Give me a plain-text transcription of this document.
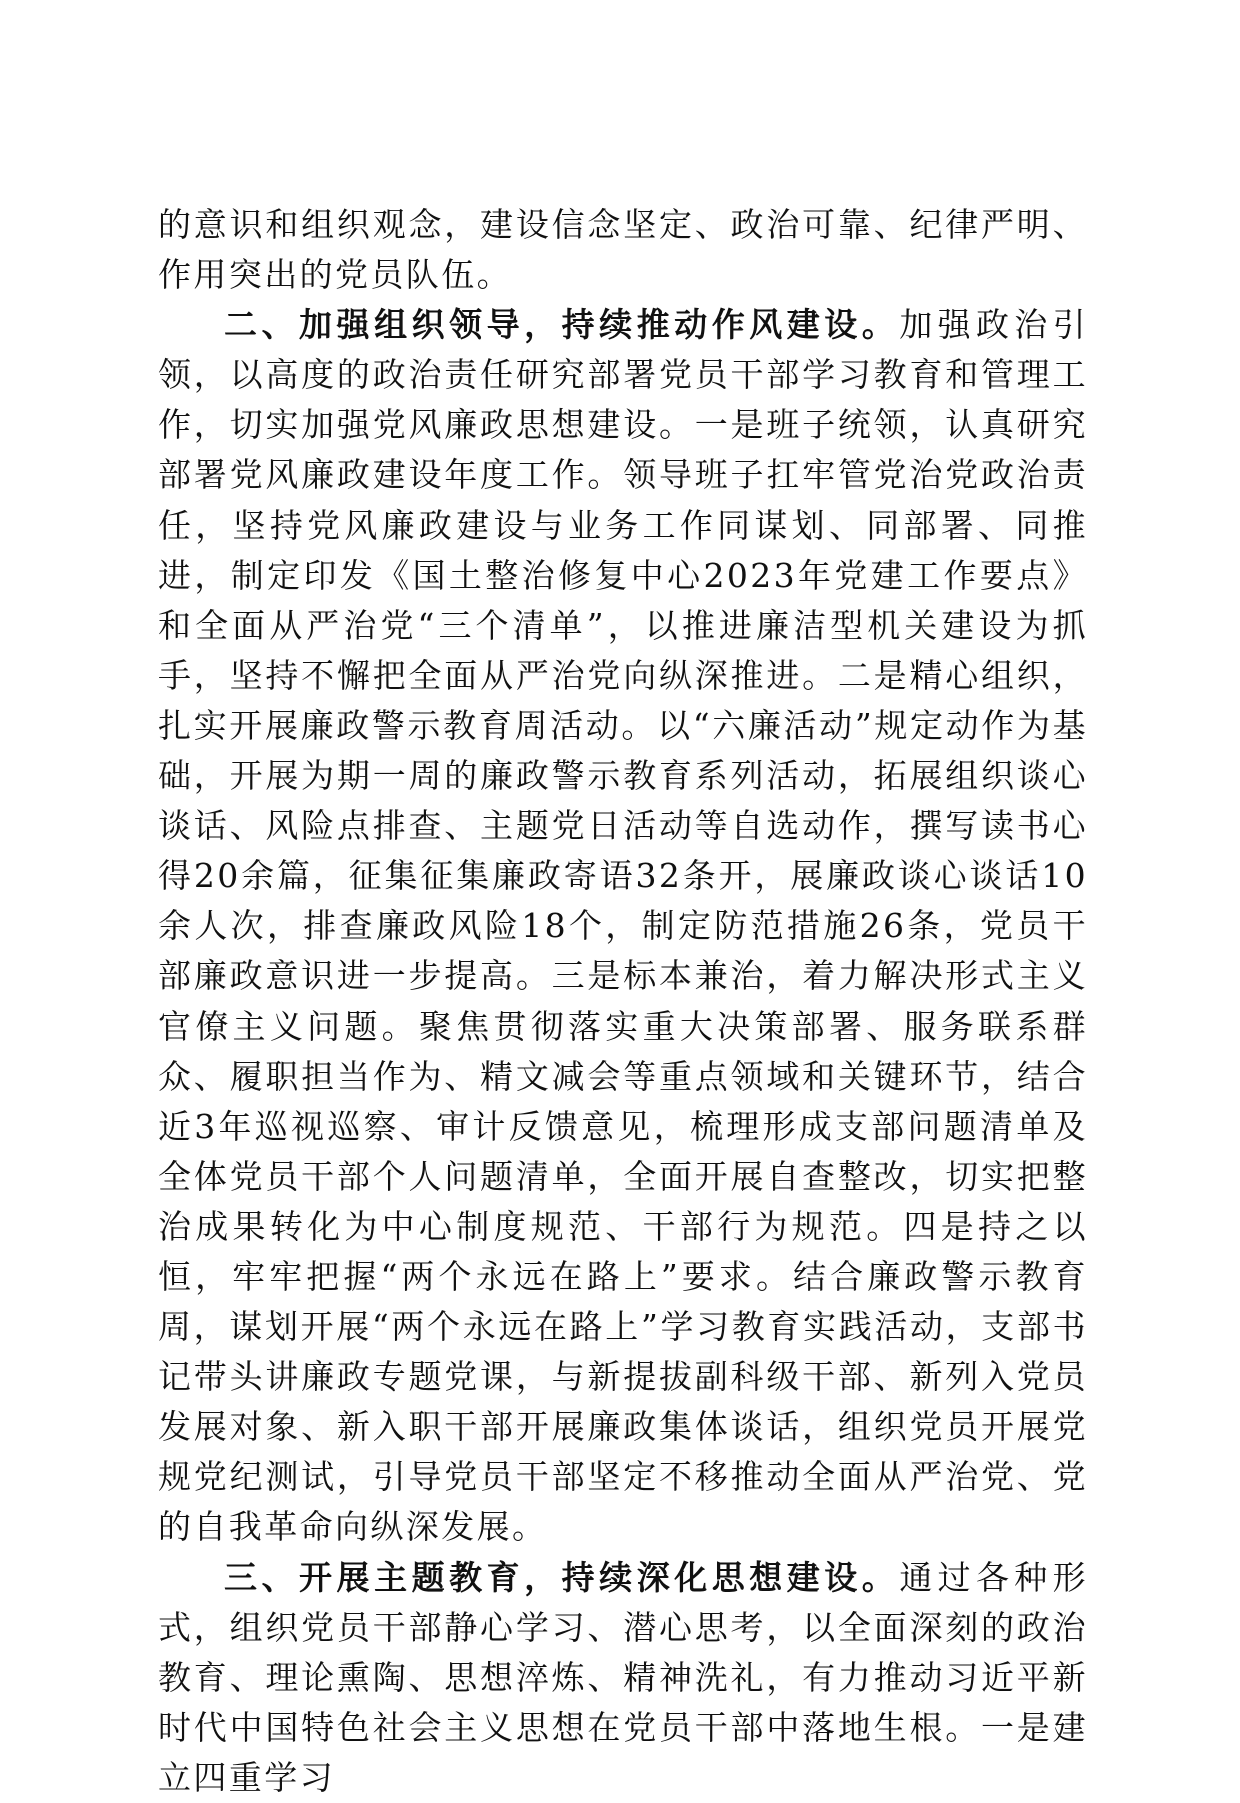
的意识和组织观念，建设信念坚定、政治可靠、纪律严明、作用突出的党员队伍。

二、加强组织领导，持续推动作风建设。加强政治引领，以高度的政治责任研究部署党员干部学习教育和管理工作，切实加强党风廉政思想建设。一是班子统领，认真研究部署党风廉政建设年度工作。领导班子扛牢管党治党政治责任，坚持党风廉政建设与业务工作同谋划、同部署、同推进，制定印发《国土整治修复中心2023年党建工作要点》和全面从严治党“三个清单”，以推进廉洁型机关建设为抓手，坚持不懈把全面从严治党向纵深推进。二是精心组织，扎实开展廉政警示教育周活动。以“六廉活动”规定动作为基础，开展为期一周的廉政警示教育系列活动，拓展组织谈心谈话、风险点排查、主题党日活动等自选动作，撰写读书心得20余篇，征集征集廉政寄语32条开，展廉政谈心谈话10余人次，排查廉政风险18个，制定防范措施26条，党员干部廉政意识进一步提高。三是标本兼治，着力解决形式主义官僚主义问题。聚焦贯彻落实重大决策部署、服务联系群众、履职担当作为、精文减会等重点领域和关键环节，结合近3年巡视巡察、审计反馈意见，梳理形成支部问题清单及全体党员干部个人问题清单，全面开展自查整改，切实把整治成果转化为中心制度规范、干部行为规范。四是持之以恒，牢牢把握“两个永远在路上”要求。结合廉政警示教育周，谋划开展“两个永远在路上”学习教育实践活动，支部书记带头讲廉政专题党课，与新提拔副科级干部、新列入党员发展对象、新入职干部开展廉政集体谈话，组织党员开展党规党纪测试，引导党员干部坚定不移推动全面从严治党、党的自我革命向纵深发展。

三、开展主题教育，持续深化思想建设。通过各种形式，组织党员干部静心学习、潜心思考，以全面深刻的政治教育、理论熏陶、思想淬炼、精神洗礼，有力推动习近平新时代中国特色社会主义思想在党员干部中落地生根。一是建立四重学习
